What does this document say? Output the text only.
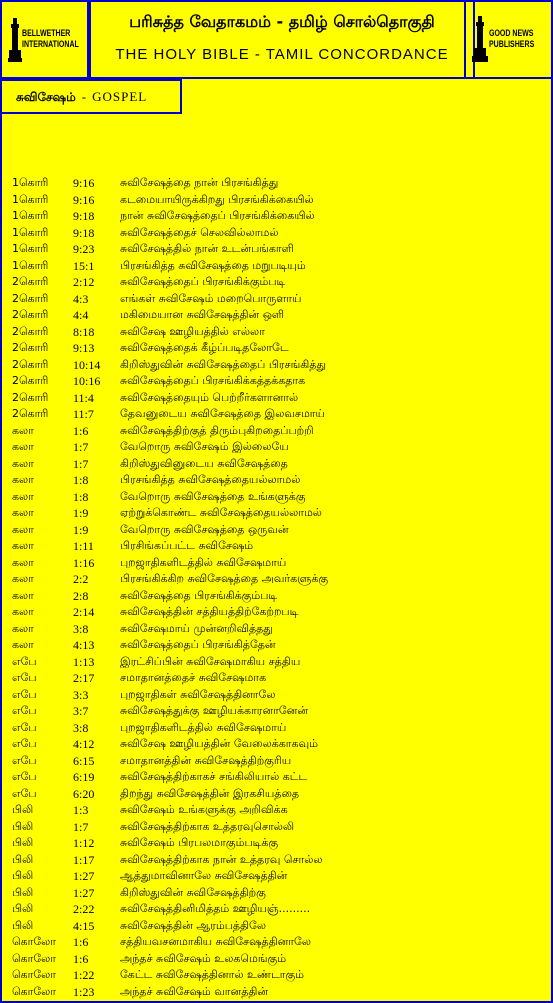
BELLWETHER
INTERNATIONAL
பரிசுத்த வேதாகமம் - தமிழ் சொல்தொகுதி
THE HOLY BIBLE - TAMIL CONCORDANCE
GOOD NEWS
PUBLISHERS
சுவிசேஷம் - GOSPEL
1கொரி 9:16 சுவிசேஷத்தை நான் பிரசங்கித்து
1கொரி 9:16 கடமையாயிருக்கிறது பிரசங்கிக்கையில்
1கொரி 9:18 நான் சுவிசேஷத்தைப் பிரசங்கிக்கையில்
1கொரி 9:18 சுவிசேஷத்தைச் செலவில்லாமல்
1கொரி 9:23 சுவிசேஷத்தில் நான் உடன்பங்காளி
1கொரி 15:1 பிரசங்கித்த சுவிசேஷத்தை மறுபடியும்
2கொரி 2:12 சுவிசேஷத்தைப் பிரசங்கிக்கும்படி
2கொரி 4:3	எங்கள் சுவிசேஷம் மறைபொருளாய்
2கொரி 4:4	மகிமையான சுவிசேஷத்தின் ஒளி
2கொரி 8:18 சுவிசேஷ ஊழியத்தில் எல்லா
2கொரி 9:13 சுவிசேஷத்தைக் கீழ்ப்படிதலோடே
2கொரி 10:14 கிறிஸ்துவின் சுவிசேஷத்தைப் பிரசங்கித்து
2கொரி 10:16 சுவிசேஷத்தைப் பிரசங்கிக்கத்தக்கதாக
2கொரி 11:4 சுவிசேஷத்தையும் பெற்றீர்களானால்
2கொரி 11:7 தேவனுடைய சுவிசேஷத்தை இலவசமாய்
கலா	1:6	சுவிசேஷத்திற்குத் திரும்புகிறதைப்பற்றி
கலா	1:7	வேறொரு சுவிசேஷம் இல்லையே
கலா	1:7	கிறிஸ்துவினுடைய சுவிசேஷத்தை
கலா	1:8	பிரசங்கித்த சுவிசேஷத்தையல்லாமல்
கலா	1:8	வேறொரு சுவிசேஷத்தை உங்களுக்கு
கலா	1:9	ஏற்றுக்கொண்ட சுவிசேஷத்தையல்லாமல்
கலா	1:9	வேறொரு சுவிசேஷத்தை ஒருவன்
கலா	1:11 பிரசிங்கப்பட்ட சுவிசேஷம்
கலா	1:16 புறஜாதிகளிடத்தில் சுவிசேஷமாய்
கலா	2:2	பிரசங்கிக்கிற சுவிசேஷத்தை அவர்களுக்கு
கலா	2:8	சுவிசேஷத்தை பிரசங்கிக்கும்படி
கலா	2:14 சுவிசேஷத்தின் சத்தியத்திற்கேற்றபடி
கலா	3:8	சுவிசேஷமாய் முன்னறிவித்தது
கலா	4:13 சுவிசேஷத்தைப் பிரசங்கித்தேன்
எபே	1:13 இரட்சிப்பின் சுவிசேஷமாகிய சத்திய
எபே	2:17 சமாதானத்தைச் சுவிசேஷமாக
எபே	3:3	புறஜாதிகள் சுவிசேஷத்தினாலே
எபே	3:7	சுவிசேஷத்துக்கு ஊழியக்காரனானேன்
எபே	3:8	புறஜாதிகளிடத்தில் சுவிசேஷமாய்
எபே	4:12 சுவிசேஷ ஊழியத்தின் வேலைக்காகவும்
எபே	6:15 சமாதானத்தின் சுவிசேஷத்திற்குரிய
எபே	6:19 சுவிசேஷத்திற்காகச் சங்கிலியால் கட்ட
எபே	6:20 திறந்து சுவிசேஷத்தின் இரகசியத்தை
பிலி	1:3	சுவிசேஷம் உங்களுக்கு அறிவிக்க
பிலி	1:7	சுவிசேஷத்திற்காக உத்தரவுசொல்லி
பிலி	1:12 சுவிசேஷம் பிரபலமாகும்படிக்கு
பிலி	1:17 சுவிசேஷத்திற்காக நான் உத்தரவு சொல்ல
பிலி	1:27 ஆத்துமாவினாலே சுவிசேஷத்தின்
பிலி	1:27 கிறிஸ்துவின் சுவிசேஷத்திற்கு
பிலி	2:22 சுவிசேஷத்தினிமித்தம் ஊழியஞ்.........
பிலி	4:15 சுவிசேஷத்தின் ஆரம்பத்திலே
கொலோ 1:6	சத்தியவசனமாகிய சுவிசேஷத்தினாலே
கொலோ 1:6	அந்தச் சுவிசேஷம் உலகமெங்கும்
கொலோ 1:22 கேட்ட சுவிசேஷத்தினால் உண்டாகும்
கொலோ 1:23 அந்தச் சுவிசேஷம் வானத்தின்
